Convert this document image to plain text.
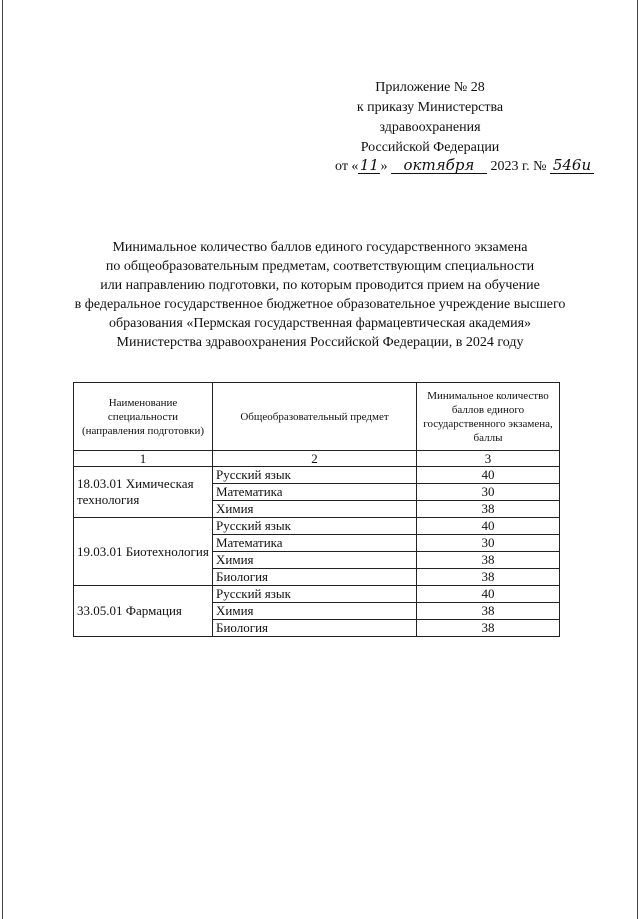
Приложение № 28
к приказу Министерства
здравоохранения
Российской Федерации
от «11» октября 2023 г. № 546и
Минимальное количество баллов единого государственного экзамена
по общеобразовательным предметам, соответствующим специальности
или направлению подготовки, по которым проводится прием на обучение
в федеральное государственное бюджетное образовательное учреждение высшего
образования «Пермская государственная фармацевтическая академия»
Министерства здравоохранения Российской Федерации, в 2024 году
Наименование специальности (направления подготовки)	Общеобразовательный предмет	Минимальное количество баллов единого государственного экзамена, баллы
1	2	3
18.03.01 Химическая технология	Русский язык	40
	Математика	30
	Химия	38
19.03.01 Биотехнология	Русский язык	40
	Математика	30
	Химия	38
	Биология	38
33.05.01 Фармация	Русский язык	40
	Химия	38
	Биология	38
